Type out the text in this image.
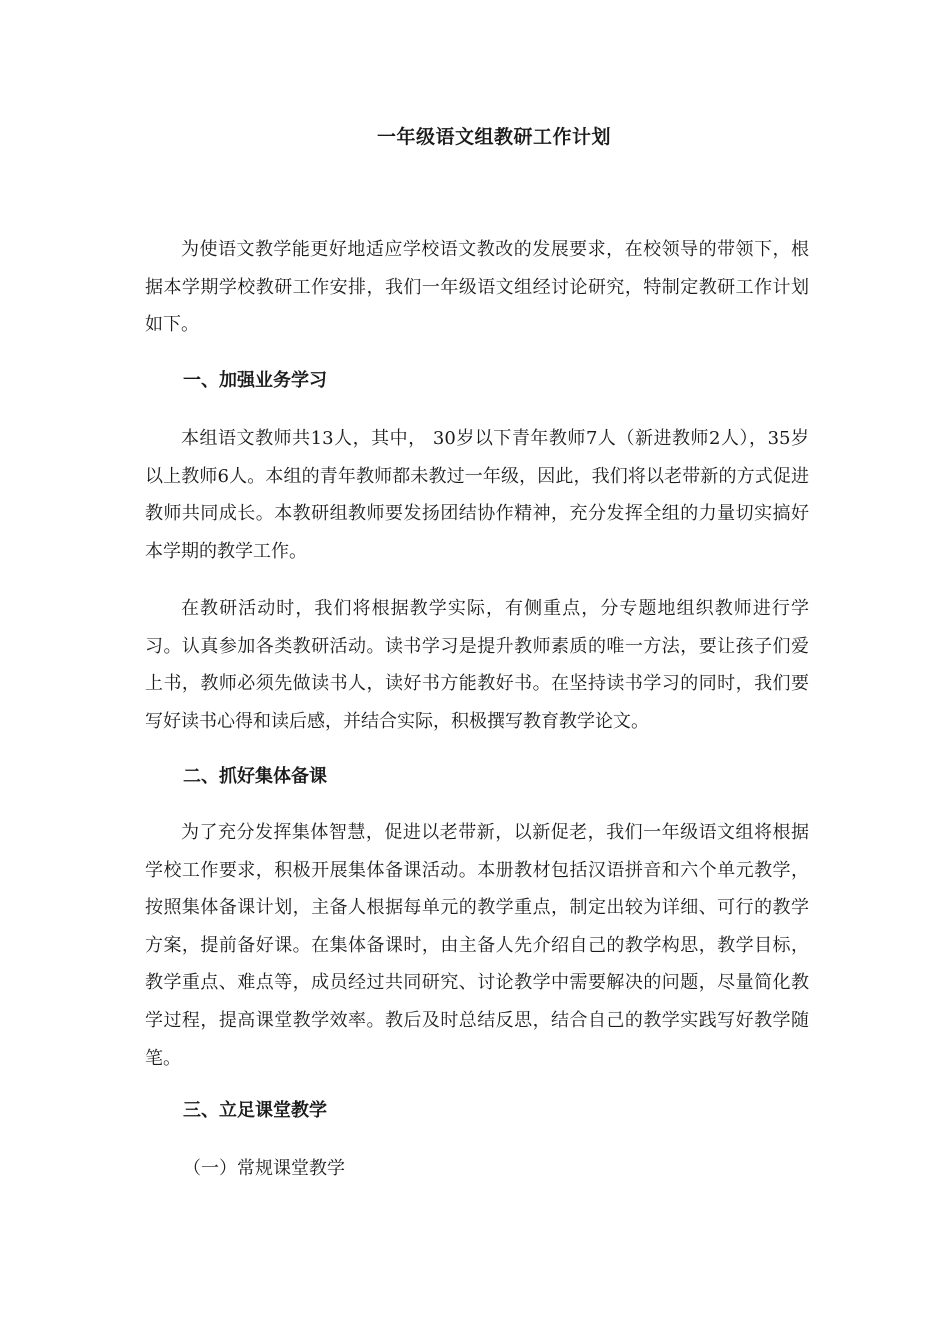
一年级语文组教研工作计划

为使语文教学能更好地适应学校语文教改的发展要求，在校领导的带领下，根据本学期学校教研工作安排，我们一年级语文组经讨论研究，特制定教研工作计划如下。

一、加强业务学习

本组语文教师共13人，其中， 30岁以下青年教师7人（新进教师2人），35岁以上教师6人。本组的青年教师都未教过一年级，因此，我们将以老带新的方式促进教师共同成长。本教研组教师要发扬团结协作精神，充分发挥全组的力量切实搞好本学期的教学工作。

在教研活动时，我们将根据教学实际，有侧重点，分专题地组织教师进行学习。认真参加各类教研活动。读书学习是提升教师素质的唯一方法，要让孩子们爱上书，教师必须先做读书人，读好书方能教好书。在坚持读书学习的同时，我们要写好读书心得和读后感，并结合实际，积极撰写教育教学论文。

二、抓好集体备课

为了充分发挥集体智慧，促进以老带新，以新促老，我们一年级语文组将根据学校工作要求，积极开展集体备课活动。本册教材包括汉语拼音和六个单元教学，按照集体备课计划，主备人根据每单元的教学重点，制定出较为详细、可行的教学方案，提前备好课。在集体备课时，由主备人先介绍自己的教学构思，教学目标，教学重点、难点等，成员经过共同研究、讨论教学中需要解决的问题，尽量简化教学过程，提高课堂教学效率。教后及时总结反思，结合自己的教学实践写好教学随笔。

三、立足课堂教学
（一）常规课堂教学
